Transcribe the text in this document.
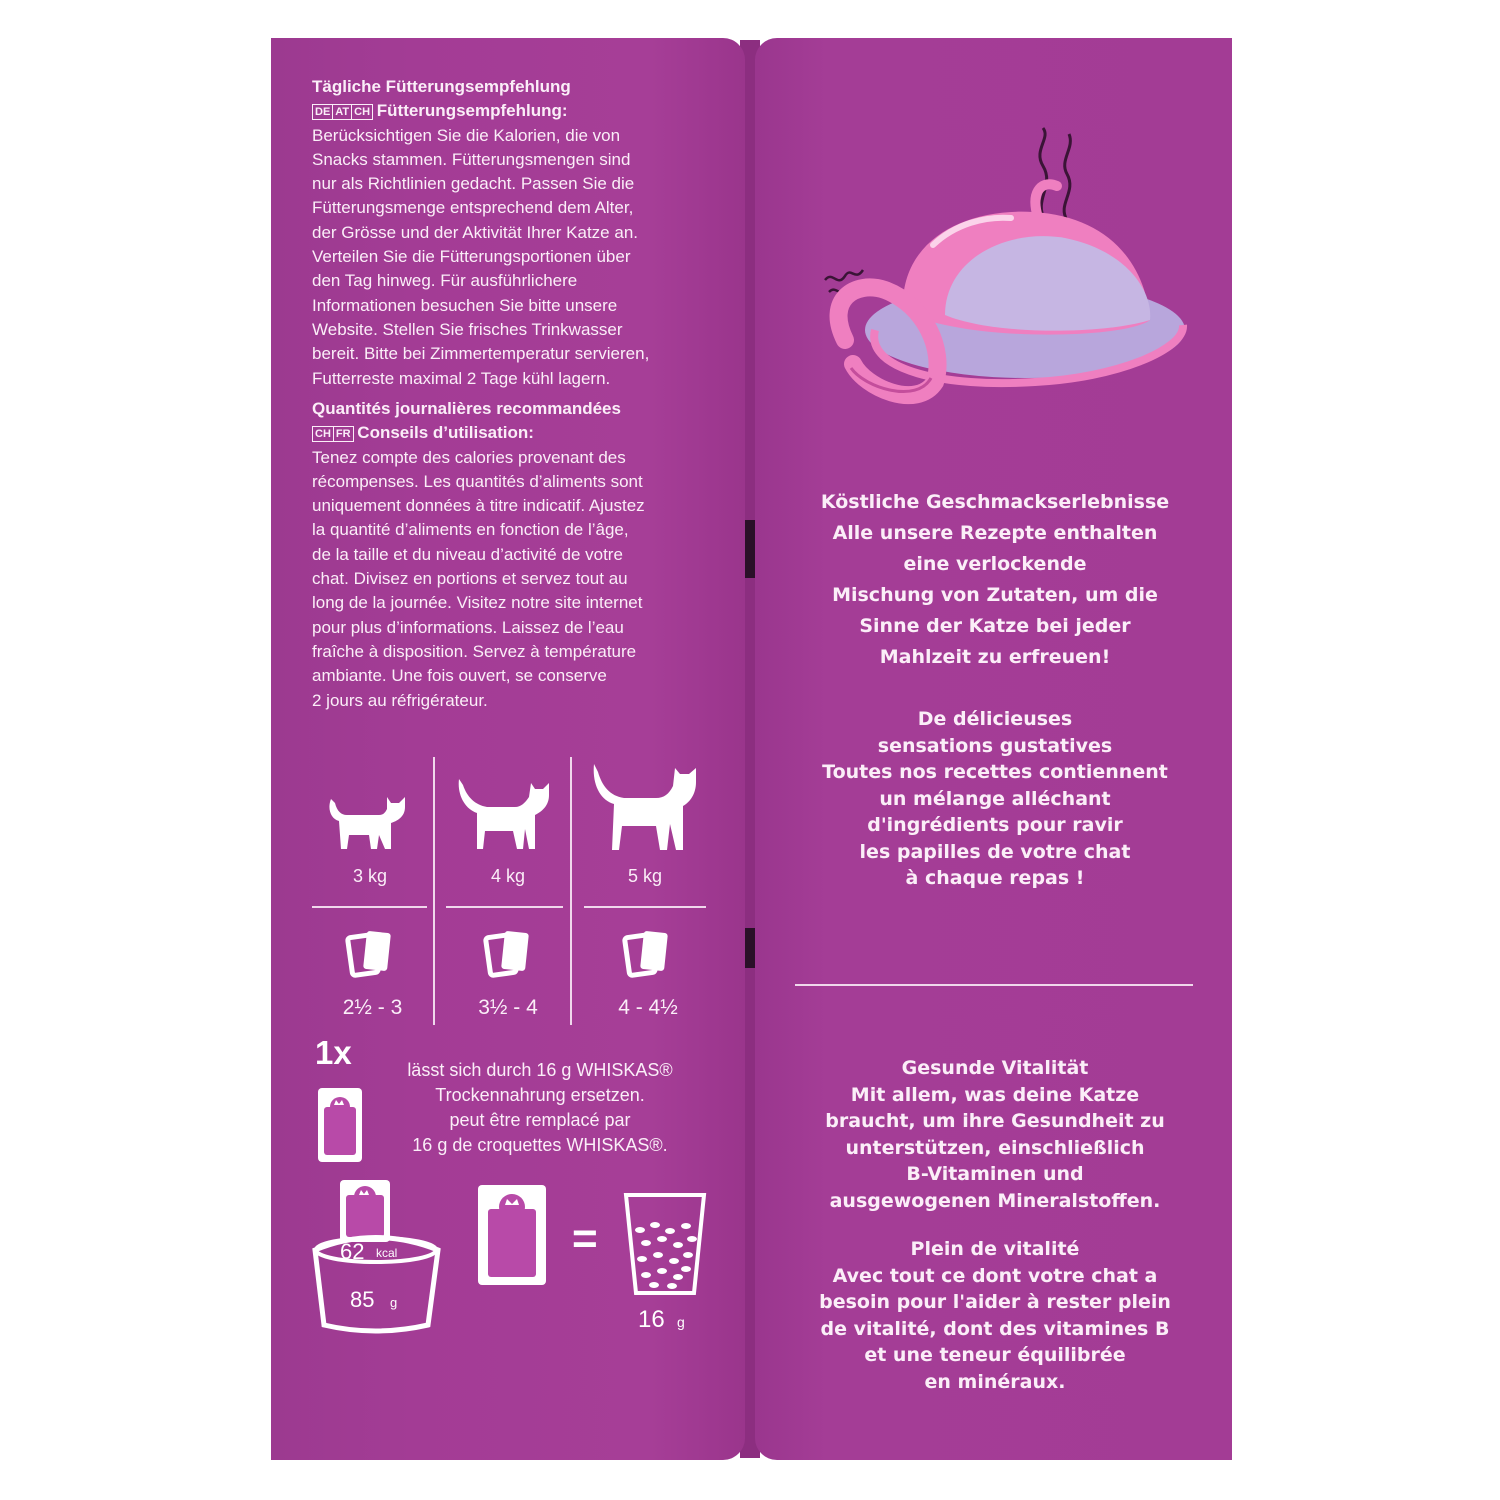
Tägliche Fütterungsempfehlung
DE AT CH Fütterungsempfehlung:
Berücksichtigen Sie die Kalorien, die von
Snacks stammen. Fütterungsmengen sind
nur als Richtlinien gedacht. Passen Sie die
Fütterungsmenge entsprechend dem Alter,
der Grösse und der Aktivität Ihrer Katze an.
Verteilen Sie die Fütterungsportionen über
den Tag hinweg. Für ausführlichere
Informationen besuchen Sie bitte unsere
Website. Stellen Sie frisches Trinkwasser
bereit. Bitte bei Zimmertemperatur servieren,
Futterreste maximal 2 Tage kühl lagern.
Quantités journalières recommandées
CH FR Conseils d’utilisation:
Tenez compte des calories provenant des
récompenses. Les quantités d’aliments sont
uniquement données à titre indicatif. Ajustez
la quantité d’aliments en fonction de l’âge,
de la taille et du niveau d’activité de votre
chat. Divisez en portions et servez tout au
long de la journée. Visitez notre site internet
pour plus d’informations. Laissez de l’eau
fraîche à disposition. Servez à température
ambiante. Une fois ouvert, se conserve
2 jours au réfrigérateur.
3 kg	4 kg	5 kg
2½ - 3	3½ - 4	4 - 4½
1x	lässt sich durch 16 g WHISKAS®
Trockennahrung ersetzen.
peut être remplacé par
16 g de croquettes WHISKAS®.
62 kcal
85 g
=
16 g
Köstliche Geschmackserlebnisse
Alle unsere Rezepte enthalten
eine verlockende
Mischung von Zutaten, um die
Sinne der Katze bei jeder
Mahlzeit zu erfreuen!
De délicieuses
sensations gustatives
Toutes nos recettes contiennent
un mélange alléchant
d'ingrédients pour ravir
les papilles de votre chat
à chaque repas !
Gesunde Vitalität
Mit allem, was deine Katze
braucht, um ihre Gesundheit zu
unterstützen, einschließlich
B-Vitaminen und
ausgewogenen Mineralstoffen.
Plein de vitalité
Avec tout ce dont votre chat a
besoin pour l'aider à rester plein
de vitalité, dont des vitamines B
et une teneur équilibrée
en minéraux.
